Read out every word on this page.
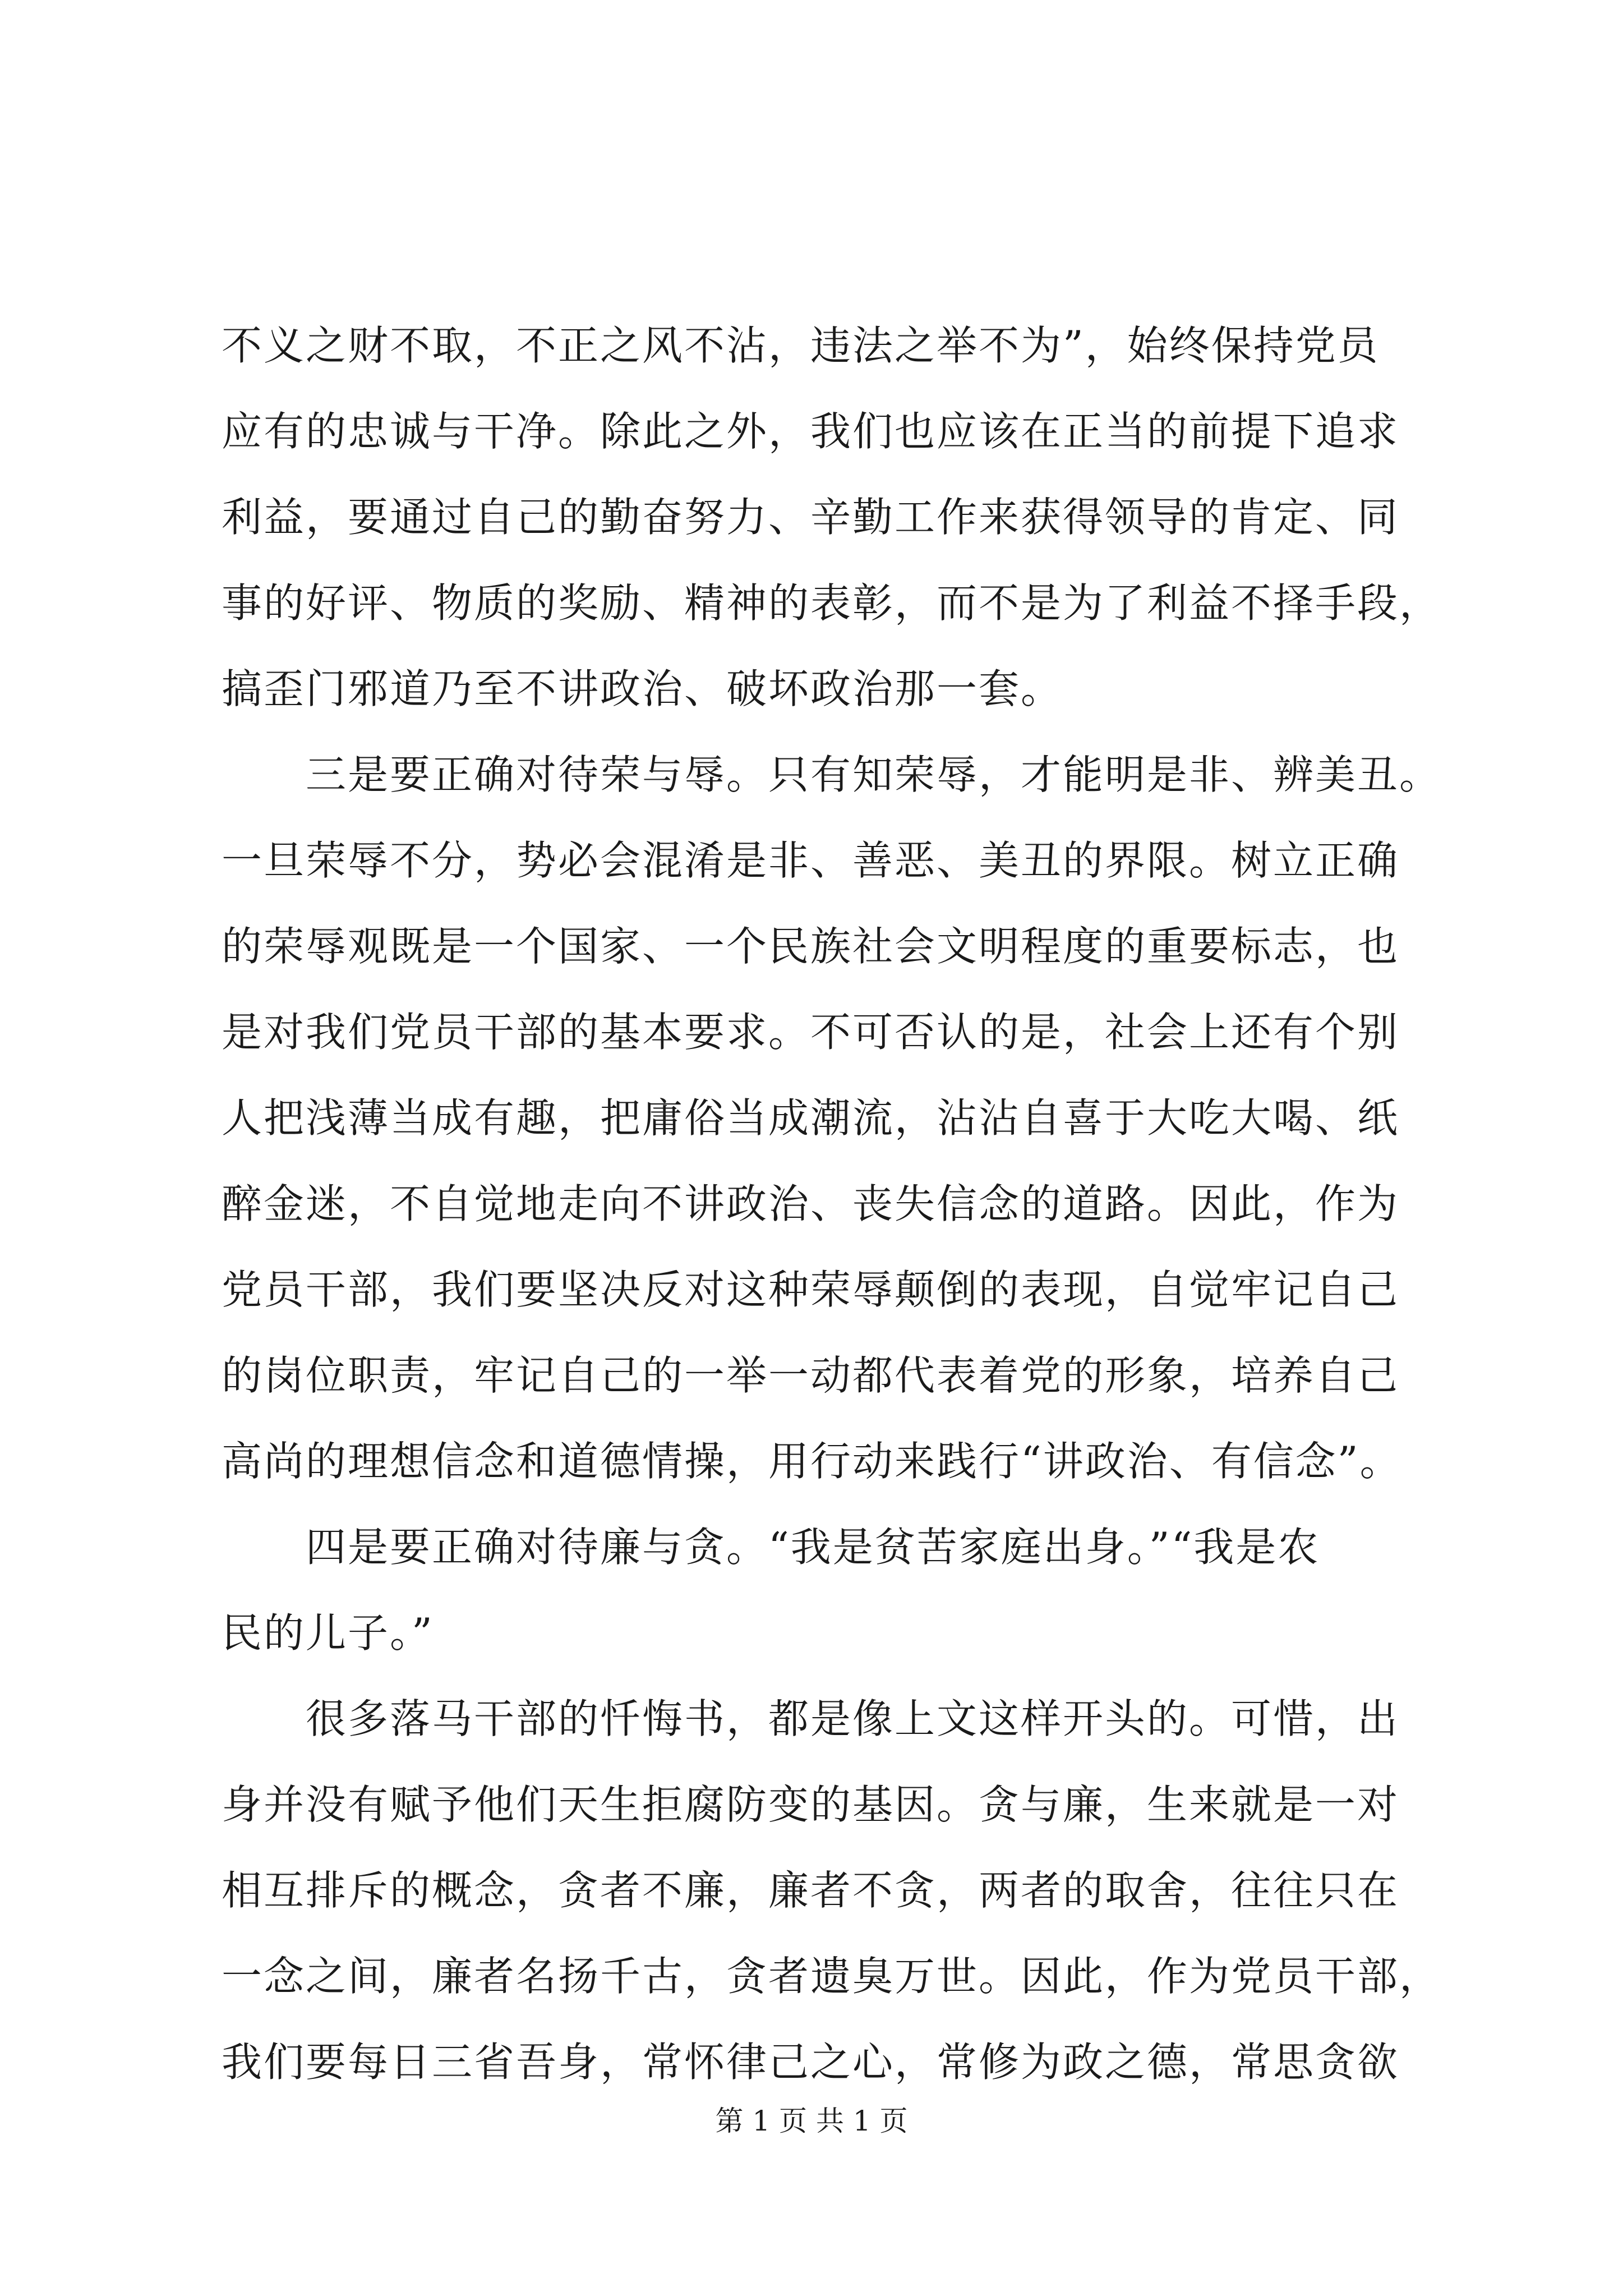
不义之财不取，不正之风不沾，违法之举不为”，始终保持党员
应有的忠诚与干净。除此之外，我们也应该在正当的前提下追求
利益，要通过自己的勤奋努力、辛勤工作来获得领导的肯定、同
事的好评、物质的奖励、精神的表彰，而不是为了利益不择手段，
搞歪门邪道乃至不讲政治、破坏政治那一套。
三是要正确对待荣与辱。只有知荣辱，才能明是非、辨美丑。
一旦荣辱不分，势必会混淆是非、善恶、美丑的界限。树立正确
的荣辱观既是一个国家、一个民族社会文明程度的重要标志，也
是对我们党员干部的基本要求。不可否认的是，社会上还有个别
人把浅薄当成有趣，把庸俗当成潮流，沾沾自喜于大吃大喝、纸
醉金迷，不自觉地走向不讲政治、丧失信念的道路。因此，作为
党员干部，我们要坚决反对这种荣辱颠倒的表现，自觉牢记自己
的岗位职责，牢记自己的一举一动都代表着党的形象，培养自己
高尚的理想信念和道德情操，用行动来践行“讲政治、有信念”。
四是要正确对待廉与贪。“我是贫苦家庭出身。”“我是农
民的儿子。”
很多落马干部的忏悔书，都是像上文这样开头的。可惜，出
身并没有赋予他们天生拒腐防变的基因。贪与廉，生来就是一对
相互排斥的概念，贪者不廉，廉者不贪，两者的取舍，往往只在
一念之间，廉者名扬千古，贪者遗臭万世。因此，作为党员干部，
我们要每日三省吾身，常怀律己之心，常修为政之德，常思贪欲
第 1 页 共 1 页
